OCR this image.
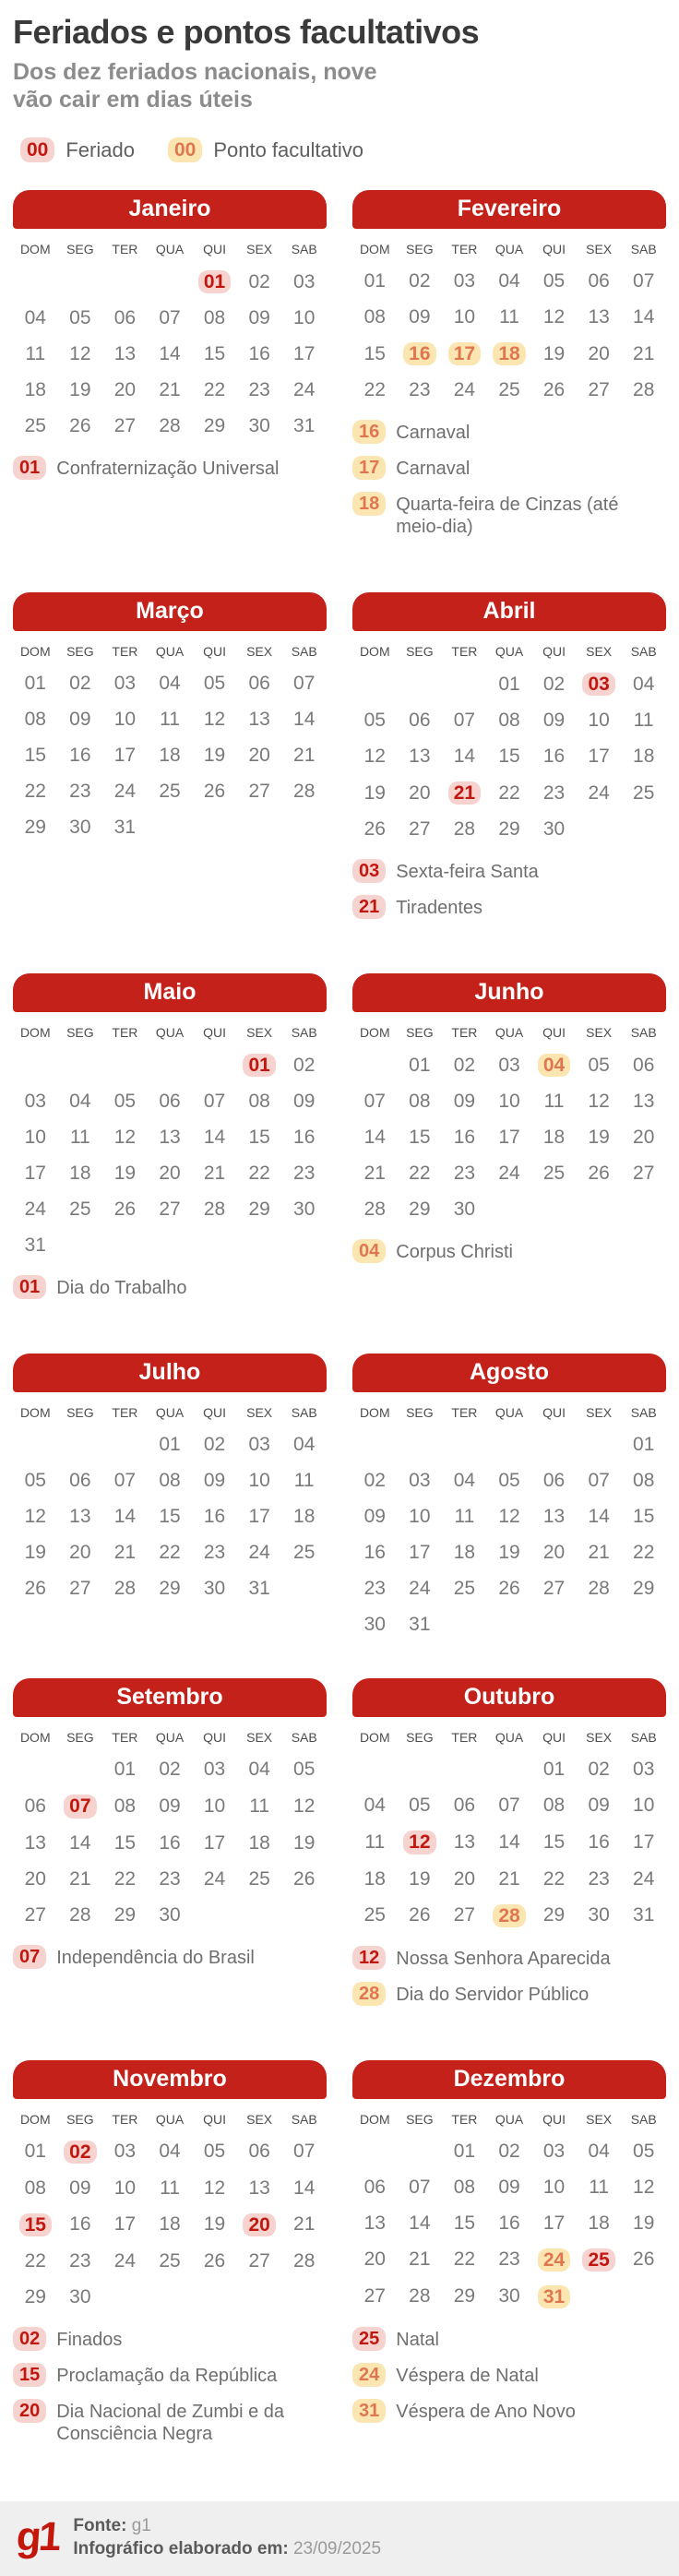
Feriados e pontos facultativos

Dos dez feriados nacionais, nove vão cair em dias úteis

00 Feriado	00 Ponto facultativo
Janeiro
DOM SEG TER QUA QUI SEX SAB
01 02 03
04 05 06 07 08 09 10
11 12 13 14 15 16 17
18 19 20 21 22 23 24
25 26 27 28 29 30 31
01 Confraternização Universal
Fevereiro
DOM SEG TER QUA QUI SEX SAB
01 02 03 04 05 06 07
08 09 10 11 12 13 14
15 16 17 18 19 20 21
22 23 24 25 26 27 28
16 Carnaval
17 Carnaval
18 Quarta-feira de Cinzas (até meio-dia)
Março
DOM SEG TER QUA QUI SEX SAB
01 02 03 04 05 06 07
08 09 10 11 12 13 14
15 16 17 18 19 20 21
22 23 24 25 26 27 28
29 30 31
Abril
DOM SEG TER QUA QUI SEX SAB
01 02 03 04
05 06 07 08 09 10 11
12 13 14 15 16 17 18
19 20 21 22 23 24 25
26 27 28 29 30
03 Sexta-feira Santa
21 Tiradentes
Maio
DOM SEG TER QUA QUI SEX SAB
01 02
03 04 05 06 07 08 09
10 11 12 13 14 15 16
17 18 19 20 21 22 23
24 25 26 27 28 29 30
31
01 Dia do Trabalho
Junho
DOM SEG TER QUA QUI SEX SAB
01 02 03 04 05 06
07 08 09 10 11 12 13
14 15 16 17 18 19 20
21 22 23 24 25 26 27
28 29 30
04 Corpus Christi
Julho
DOM SEG TER QUA QUI SEX SAB
01 02 03 04
05 06 07 08 09 10 11
12 13 14 15 16 17 18
19 20 21 22 23 24 25
26 27 28 29 30 31
Agosto
DOM SEG TER QUA QUI SEX SAB
01
02 03 04 05 06 07 08
09 10 11 12 13 14 15
16 17 18 19 20 21 22
23 24 25 26 27 28 29
30 31
Setembro
DOM SEG TER QUA QUI SEX SAB
01 02 03 04 05
06 07 08 09 10 11 12
13 14 15 16 17 18 19
20 21 22 23 24 25 26
27 28 29 30
07 Independência do Brasil
Outubro
DOM SEG TER QUA QUI SEX SAB
01 02 03
04 05 06 07 08 09 10
11 12 13 14 15 16 17
18 19 20 21 22 23 24
25 26 27 28 29 30 31
12 Nossa Senhora Aparecida
28 Dia do Servidor Público
Novembro
DOM SEG TER QUA QUI SEX SAB
01 02 03 04 05 06 07
08 09 10 11 12 13 14
15 16 17 18 19 20 21
22 23 24 25 26 27 28
29 30
02 Finados
15 Proclamação da República
20 Dia Nacional de Zumbi e da Consciência Negra
Dezembro
DOM SEG TER QUA QUI SEX SAB
01 02 03 04 05
06 07 08 09 10 11 12
13 14 15 16 17 18 19
20 21 22 23 24 25 26
27 28 29 30 31
25 Natal
24 Véspera de Natal
31 Véspera de Ano Novo
g1 Fonte: g1
Infográfico elaborado em: 23/09/2025
